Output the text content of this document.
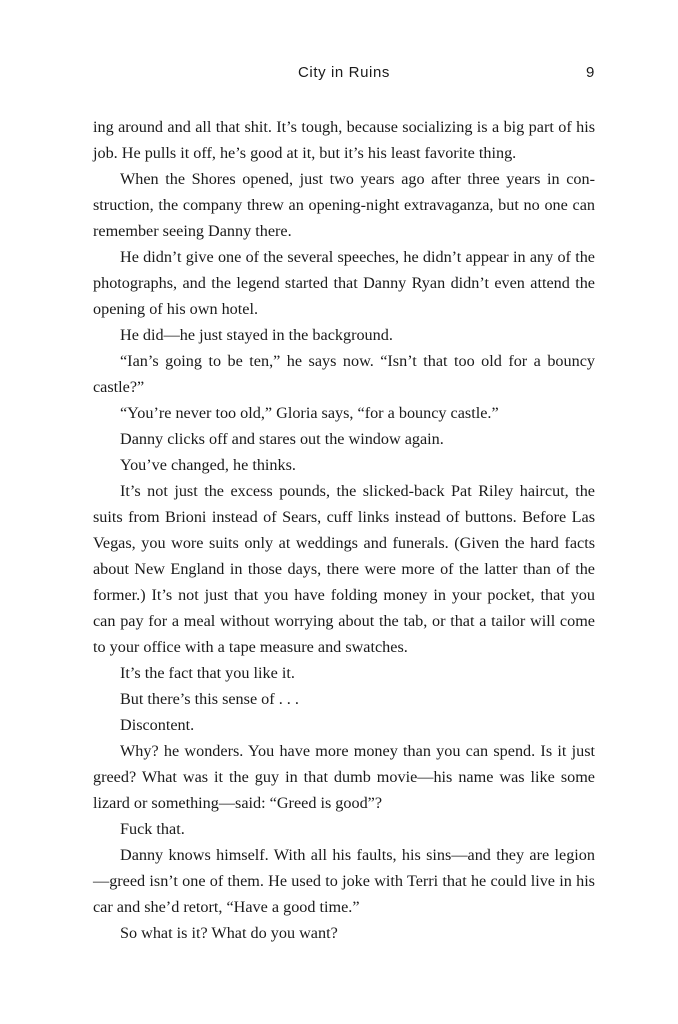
City in Ruins	9

ing around and all that shit. It’s tough, because socializing is a big part of his job. He pulls it off, he’s good at it, but it’s his least favorite thing.

When the Shores opened, just two years ago after three years in construction, the company threw an opening-night extravaganza, but no one can remember seeing Danny there.

He didn’t give one of the several speeches, he didn’t appear in any of the photographs, and the legend started that Danny Ryan didn’t even attend the opening of his own hotel.

He did—he just stayed in the background.

“Ian’s going to be ten,” he says now. “Isn’t that too old for a bouncy castle?”

“You’re never too old,” Gloria says, “for a bouncy castle.”

Danny clicks off and stares out the window again.

You’ve changed, he thinks.

It’s not just the excess pounds, the slicked-back Pat Riley haircut, the suits from Brioni instead of Sears, cuff links instead of buttons. Before Las Vegas, you wore suits only at weddings and funerals. (Given the hard facts about New England in those days, there were more of the latter than of the former.) It’s not just that you have folding money in your pocket, that you can pay for a meal without worrying about the tab, or that a tailor will come to your office with a tape measure and swatches.

It’s the fact that you like it.

But there’s this sense of . . .

Discontent.

Why? he wonders. You have more money than you can spend. Is it just greed? What was it the guy in that dumb movie—his name was like some lizard or something—said: “Greed is good”?

Fuck that.

Danny knows himself. With all his faults, his sins—and they are legion—greed isn’t one of them. He used to joke with Terri that he could live in his car and she’d retort, “Have a good time.”

So what is it? What do you want?
